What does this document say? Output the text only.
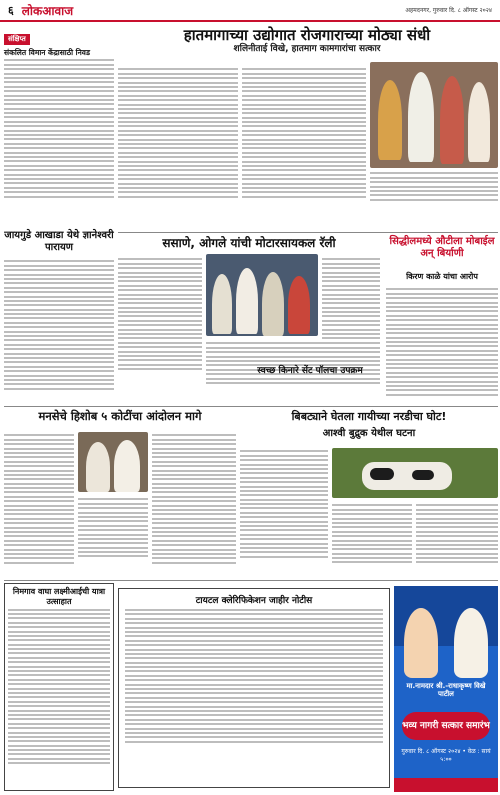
६ लोकआवाज	अहमदनगर, गुरुवार दि. ८ ऑगस्ट २०२४
संक्षिप्त
संकलित विमान केंद्रासाठी निवड
हातमागाच्या उद्योगात रोजगाराच्या मोठ्या संधी
शलिनीताई विखे, हातमाग कामगारांचा सत्कार
जायगुडे आखाडा येथे ज्ञानेश्वरी पारायण	ससाणे, ओगले यांची मोटारसायकल रॅली	सिद्धीलमध्ये औटीला मोबाईल अन् बिर्याणी
किरण काळे यांचा आरोप
मनसेचे हिशोब ५ कोटींचा आंदोलन मागे
स्वच्छ किनारे सेंट पॉलचा उपक्रम
बिबट्याने घेतला गायीच्या नरडीचा घोट!
आश्वी बुद्रुक येथील घटना
निमगाव वाघा लक्ष्मीआईची यात्रा उत्साहात	टायटल क्लेरिफिकेशन जाहीर नोटीस
मा.नामदार श्री.-राधाकृष्ण विखे पाटील
भव्य नागरी सत्कार समारंभ
गुरुवार दि. ८ ऑगस्ट २०२४ • वेळ : सायं ५:००
